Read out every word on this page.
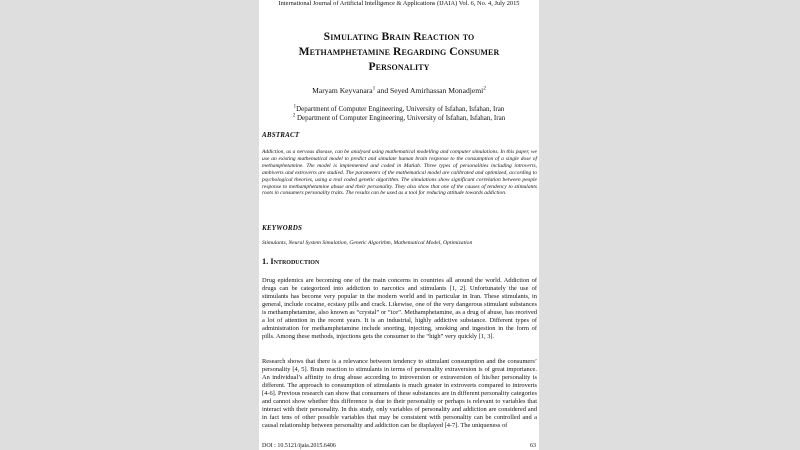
International Journal of Artificial Intelligence & Applications (IJAIA) Vol. 6, No. 4, July 2015
Simulating Brain Reaction to
Methamphetamine Regarding Consumer
Personality
Maryam Keyvanara$^1$ and Seyed Amirhassan Monadjemi$^2$
$^1$Department of Computer Engineering, University of Isfahan, Isfahan, Iran
$^2$ Department of Computer Engineering, University of Isfahan, Isfahan, Iran
ABSTRACT
Addiction, as a nervous disease, can be analysed using mathematical modelling and computer simulations. In this paper, we use an existing mathematical model to predict and simulate human brain response to the consumption of a single dose of methamphetamine. The model is implemented and coded in Matlab. Three types of personalities including introverts, ambiverts and extroverts are studied. The parameters of the mathematical model are calibrated and optimized, according to psychological theories, using a real coded genetic algorithm. The simulations show significant correlation between people response to methamphetamine abuse and their personality. They also show that one of the causes of tendency to stimulants roots in consumers personality traits. The results can be used as a tool for reducing attitude towards addiction.
KEYWORDS
Stimulants, Neural System Simulation, Genetic Algorithm, Mathematical Model, Optimization
1. Introduction
Drug epidemics are becoming one of the main concerns in countries all around the world. Addiction of drugs can be categorized into addiction to narcotics and stimulants [1, 2]. Unfortunately the use of stimulants has become very popular in the modern world and in particular in Iran. These stimulants, in general, include cocaine, ecstasy pills and crack. Likewise, one of the very dangerous stimulant substances is methamphetamine, also known as “crystal” or “ice”. Methamphetamine, as a drug of abuse, has received a lot of attention in the recent years. It is an industrial, highly addictive substance. Different types of administration for methamphetamine include snorting, injecting, smoking and ingestion in the form of pills. Among these methods, injections gets the consumer to the “high” very quickly [1, 3].
Research shows that there is a relevance between tendency to stimulant consumption and the consumers’ personality [4, 5]. Brain reaction to stimulants in terms of personality extraversion is of great importance. An individual’s affinity to drug abuse according to introversion or extraversion of his/her personality is different. The approach to consumption of stimulants is much greater in extroverts compared to introverts [4-6]. Previous research can show that consumers of these substances are in different personality categories and cannot show whether this difference is due to their personality or perhaps is relevant to variables that interact with their personality. In this study, only variables of personality and addiction are considered and in fact tens of other possible variables that may be consistent with personality can be controlled and a causal relationship between personality and addiction can be displayed [4-7]. The uniqueness of
DOI : 10.5121/ijaia.2015.6406	63
